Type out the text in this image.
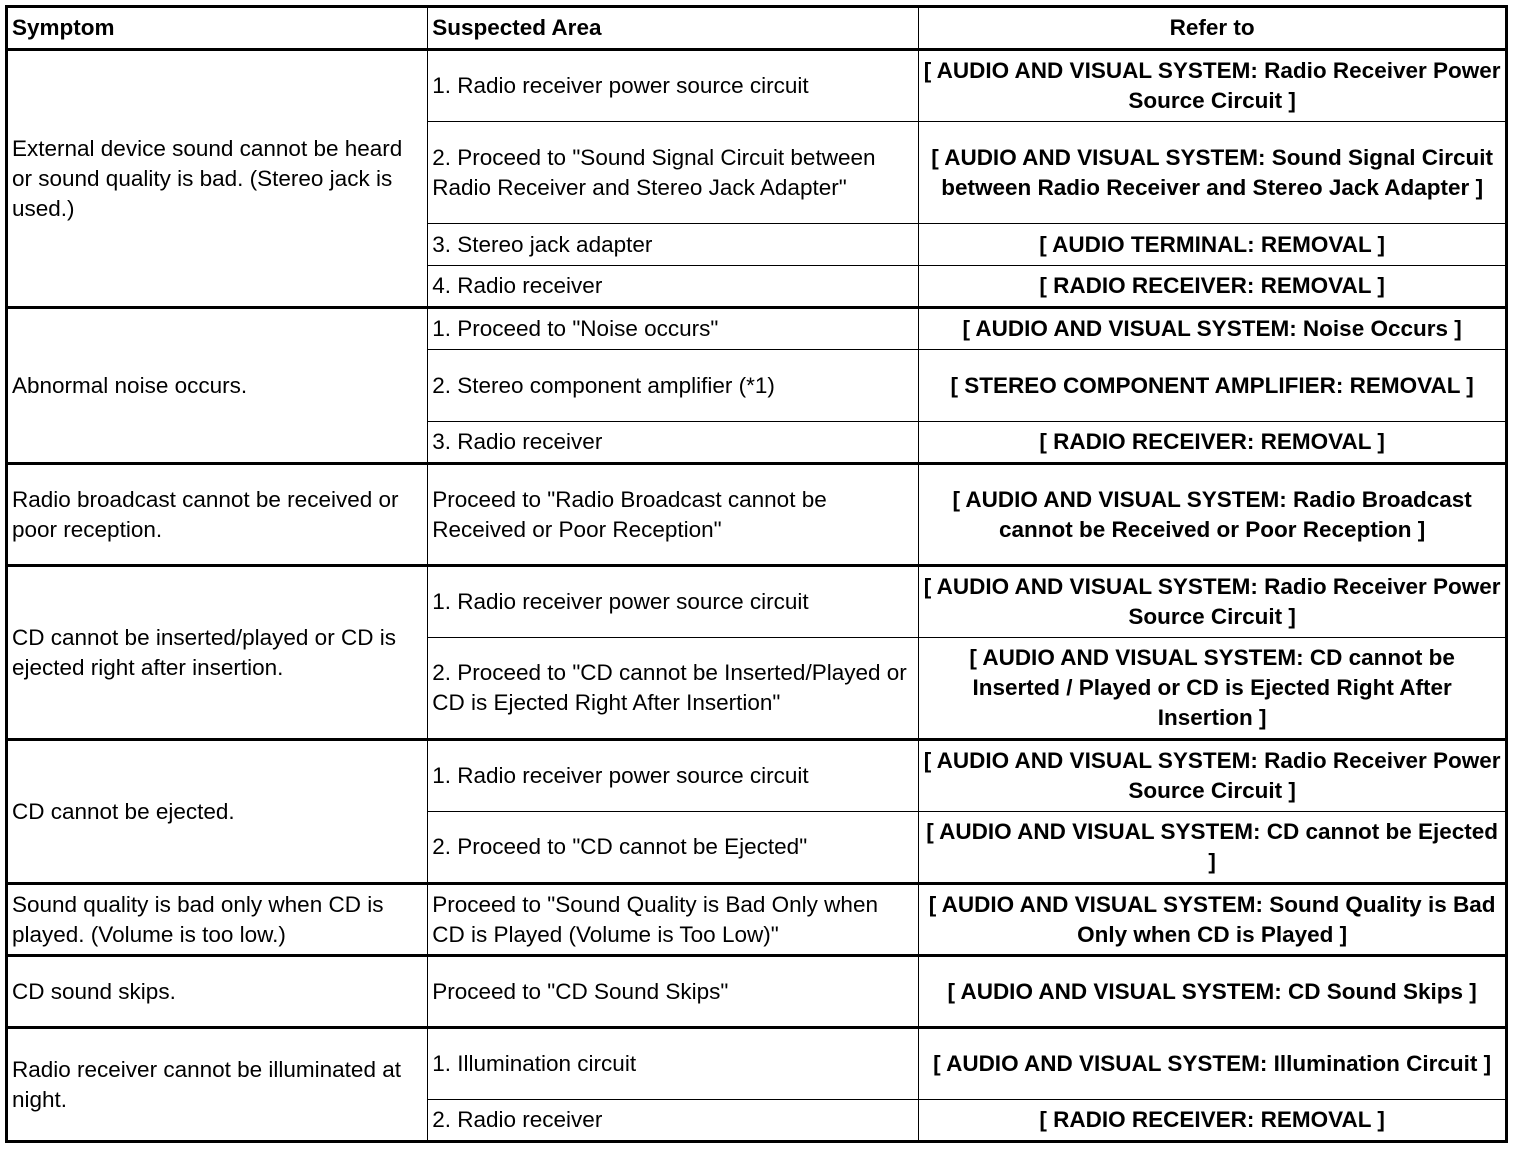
Symptom	Suspected Area	Refer to
External device sound cannot be heard or sound quality is bad. (Stereo jack is used.)	1. Radio receiver power source circuit	[ AUDIO AND VISUAL SYSTEM: Radio Receiver Power Source Circuit ]
	2. Proceed to "Sound Signal Circuit between Radio Receiver and Stereo Jack Adapter"	[ AUDIO AND VISUAL SYSTEM: Sound Signal Circuit between Radio Receiver and Stereo Jack Adapter ]
	3. Stereo jack adapter	[ AUDIO TERMINAL: REMOVAL ]
	4. Radio receiver	[ RADIO RECEIVER: REMOVAL ]
Abnormal noise occurs.	1. Proceed to "Noise occurs"	[ AUDIO AND VISUAL SYSTEM: Noise Occurs ]
	2. Stereo component amplifier (*1)	[ STEREO COMPONENT AMPLIFIER: REMOVAL ]
	3. Radio receiver	[ RADIO RECEIVER: REMOVAL ]
Radio broadcast cannot be received or poor reception.	Proceed to "Radio Broadcast cannot be Received or Poor Reception"	[ AUDIO AND VISUAL SYSTEM: Radio Broadcast cannot be Received or Poor Reception ]
CD cannot be inserted/played or CD is ejected right after insertion.	1. Radio receiver power source circuit	[ AUDIO AND VISUAL SYSTEM: Radio Receiver Power Source Circuit ]
	2. Proceed to "CD cannot be Inserted/Played or CD is Ejected Right After Insertion"	[ AUDIO AND VISUAL SYSTEM: CD cannot be Inserted / Played or CD is Ejected Right After Insertion ]
CD cannot be ejected.	1. Radio receiver power source circuit	[ AUDIO AND VISUAL SYSTEM: Radio Receiver Power Source Circuit ]
	2. Proceed to "CD cannot be Ejected"	[ AUDIO AND VISUAL SYSTEM: CD cannot be Ejected ]
Sound quality is bad only when CD is played. (Volume is too low.)	Proceed to "Sound Quality is Bad Only when CD is Played (Volume is Too Low)"	[ AUDIO AND VISUAL SYSTEM: Sound Quality is Bad Only when CD is Played ]
CD sound skips.	Proceed to "CD Sound Skips"	[ AUDIO AND VISUAL SYSTEM: CD Sound Skips ]
Radio receiver cannot be illuminated at night.	1. Illumination circuit	[ AUDIO AND VISUAL SYSTEM: Illumination Circuit ]
	2. Radio receiver	[ RADIO RECEIVER: REMOVAL ]
